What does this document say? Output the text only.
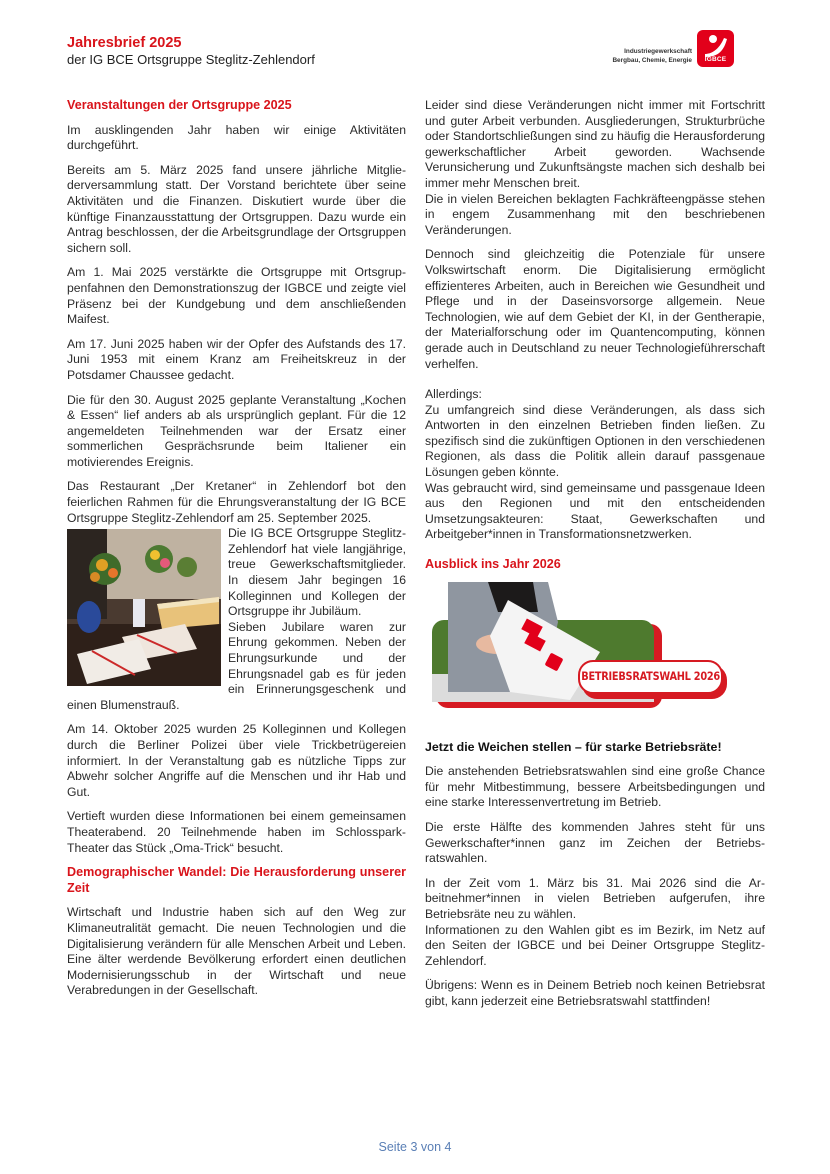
Jahresbrief 2025
der IG BCE Ortsgruppe Steglitz-Zehlendorf
Industriegewerkschaft
Bergbau, Chemie, Energie	IGBCE
Veranstaltungen der Ortsgruppe 2025

Im ausklingenden Jahr haben wir einige Aktivitäten durchgeführt.

Bereits am 5. März 2025 fand unsere jährliche Mitgliederversammlung statt. Der Vorstand berichtete über seine Aktivitäten und die Finanzen. Diskutiert wurde über die künftige Finanzausstattung der Ortsgruppen. Dazu wurde ein Antrag beschlossen, der die Arbeitsgrundlage der Ortsgruppen sichern soll.

Am 1. Mai 2025 verstärkte die Ortsgruppe mit Ortsgruppenfahnen den Demonstrationszug der IGBCE und zeigte viel Präsenz bei der Kundgebung und dem anschließenden Maifest.

Am 17. Juni 2025 haben wir der Opfer des Aufstands des 17. Juni 1953 mit einem Kranz am Freiheitskreuz in der Potsdamer Chaussee gedacht.

Die für den 30. August 2025 geplante Veranstaltung „Kochen & Essen“ lief anders ab als ursprünglich geplant. Für die 12 angemeldeten Teilnehmenden war der Ersatz einer sommerlichen Gesprächsrunde beim Italiener ein motivierendes Ereignis.

Das Restaurant „Der Kretaner“ in Zehlendorf bot den feierlichen Rahmen für die Ehrungsveranstaltung der IG BCE Ortsgruppe Steglitz-Zehlendorf am 25. September 2025.

Die IG BCE Ortsgruppe Steglitz-Zehlendorf hat viele langjährige, treue Gewerkschaftsmitglieder. In diesem Jahr begingen 16 Kolleginnen und Kollegen der Ortsgruppe ihr Jubiläum.

Sieben Jubilare waren zur Ehrung gekommen. Neben der Ehrungsurkunde und der Ehrungsnadel gab es für jeden ein Erinnerungsgeschenk und einen Blumenstrauß.

Am 14. Oktober 2025 wurden 25 Kolleginnen und Kollegen durch die Berliner Polizei über viele Trickbetrügereien informiert. In der Veranstaltung gab es nützliche Tipps zur Abwehr solcher Angriffe auf die Menschen und ihr Hab und Gut.

Vertieft wurden diese Informationen bei einem gemeinsamen Theaterabend. 20 Teilnehmende haben im Schlosspark-Theater das Stück „Oma-Trick“ besucht.

Demographischer Wandel: Die Herausforderung unserer Zeit

Wirtschaft und Industrie haben sich auf den Weg zur Klimaneutralität gemacht. Die neuen Technologien und die Digitalisierung verändern für alle Menschen Arbeit und Leben. Eine älter werdende Bevölkerung erfordert einen deutlichen Modernisierungsschub in der Wirtschaft und neue Verabredungen in der Gesellschaft.

Leider sind diese Veränderungen nicht immer mit Fortschritt und guter Arbeit verbunden. Ausgliederungen, Strukturbrüche oder Standortschließungen sind zu häufig die Herausforderung gewerkschaftlicher Arbeit geworden. Wachsende Verunsicherung und Zukunftsängste machen sich deshalb bei immer mehr Menschen breit.

Die in vielen Bereichen beklagten Fachkräfteengpässe stehen in engem Zusammenhang mit den beschriebenen Veränderungen.

Dennoch sind gleichzeitig die Potenziale für unsere Volkswirtschaft enorm. Die Digitalisierung ermöglicht effizienteres Arbeiten, auch in Bereichen wie Gesundheit und Pflege und in der Daseinsvorsorge allgemein. Neue Technologien, wie auf dem Gebiet der KI, in der Gentherapie, der Materialforschung oder im Quantencomputing, können gerade auch in Deutschland zu neuer Technologieführerschaft verhelfen.

Allerdings:

Zu umfangreich sind diese Veränderungen, als dass sich Antworten in den einzelnen Betrieben finden ließen. Zu spezifisch sind die zukünftigen Optionen in den verschiedenen Regionen, als dass die Politik allein darauf passgenaue Lösungen geben könnte.

Was gebraucht wird, sind gemeinsame und passgenaue Ideen aus den Regionen und mit den entscheidenden Umsetzungsakteuren: Staat, Gewerkschaften und Arbeitgeber*innen in Transformationsnetzwerken.

Ausblick ins Jahr 2026
BETRIEBSRATSWAHL 2026
Jetzt die Weichen stellen – für starke Betriebsräte!

Die anstehenden Betriebsratswahlen sind eine große Chance für mehr Mitbestimmung, bessere Arbeitsbedingungen und eine starke Interessenvertretung im Betrieb.

Die erste Hälfte des kommenden Jahres steht für uns Gewerkschafter*innen ganz im Zeichen der Betriebsratswahlen.

In der Zeit vom 1. März bis 31. Mai 2026 sind die Arbeitnehmer*innen in vielen Betrieben aufgerufen, ihre Betriebsräte neu zu wählen.

Informationen zu den Wahlen gibt es im Bezirk, im Netz auf den Seiten der IGBCE und bei Deiner Ortsgruppe Steglitz-Zehlendorf.

Übrigens: Wenn es in Deinem Betrieb noch keinen Betriebsrat gibt, kann jederzeit eine Betriebsratswahl stattfinden!

Seite 3 von 4
